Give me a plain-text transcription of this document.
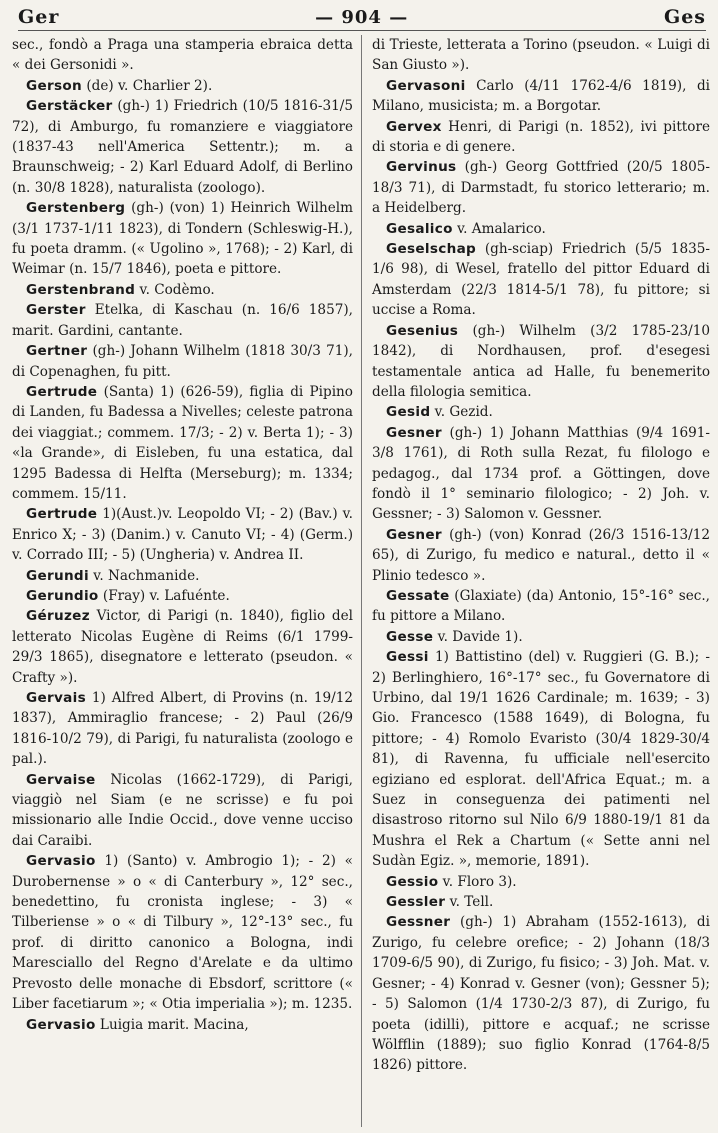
Ger	— 904 —	Ges

sec., fondò a Praga una stamperia ebraica detta « dei Gersonidi ».

Gerson (de) v. Charlier 2).

Gerstäcker (gh-) 1) Friedrich (10/5 1816-31/5 72), di Amburgo, fu romanziere e viaggiatore (1837-43 nell'America Settentr.); m. a Braunschweig; - 2) Karl Eduard Adolf, di Berlino (n. 30/8 1828), naturalista (zoologo).

Gerstenberg (gh-) (von) 1) Heinrich Wilhelm (3/1 1737-1/11 1823), di Tondern (Schleswig-H.), fu poeta dramm. (« Ugolino », 1768); - 2) Karl, di Weimar (n. 15/7 1846), poeta e pittore.

Gerstenbrand v. Codèmo.

Gerster Etelka, di Kaschau (n. 16/6 1857), marit. Gardini, cantante.

Gertner (gh-) Johann Wilhelm (1818 30/3 71), di Copenaghen, fu pitt.

Gertrude (Santa) 1) (626-59), figlia di Pipino di Landen, fu Badessa a Nivelles; celeste patrona dei viaggiat.; commem. 17/3; - 2) v. Berta 1); - 3) «la Grande», di Eisleben, fu una estatica, dal 1295 Badessa di Helfta (Merseburg); m. 1334; commem. 15/11.

Gertrude 1)(Aust.)v. Leopoldo VI; - 2) (Bav.) v. Enrico X; - 3) (Danim.) v. Canuto VI; - 4) (Germ.) v. Corrado III; - 5) (Ungheria) v. Andrea II.

Gerundi v. Nachmanide.

Gerundio (Fray) v. Lafuénte.

Géruzez Victor, di Parigi (n. 1840), figlio del letterato Nicolas Eugène di Reims (6/1 1799-29/3 1865), disegnatore e letterato (pseudon. « Crafty »).

Gervais 1) Alfred Albert, di Provins (n. 19/12 1837), Ammiraglio francese; - 2) Paul (26/9 1816-10/2 79), di Parigi, fu naturalista (zoologo e pal.).

Gervaise Nicolas (1662-1729), di Parigi, viaggiò nel Siam (e ne scrisse) e fu poi missionario alle Indie Occid., dove venne ucciso dai Caraibi.

Gervasio 1) (Santo) v. Ambrogio 1); - 2) « Durobernense » o « di Canterbury », 12° sec., benedettino, fu cronista inglese; - 3) « Tilberiense » o « di Tilbury », 12°-13° sec., fu prof. di diritto canonico a Bologna, indi Maresciallo del Regno d'Arelate e da ultimo Prevosto delle monache di Ebsdorf, scrittore (« Liber facetiarum »; « Otia imperialia »); m. 1235.

Gervasio Luigia marit. Macina,

di Trieste, letterata a Torino (pseudon. « Luigi di San Giusto »).

Gervasoni Carlo (4/11 1762-4/6 1819), di Milano, musicista; m. a Borgotar.

Gervex Henri, di Parigi (n. 1852), ivi pittore di storia e di genere.

Gervinus (gh-) Georg Gottfried (20/5 1805-18/3 71), di Darmstadt, fu storico letterario; m. a Heidelberg.

Gesalico v. Amalarico.

Geselschap (gh-sciap) Friedrich (5/5 1835-1/6 98), di Wesel, fratello del pittor Eduard di Amsterdam (22/3 1814-5/1 78), fu pittore; si uccise a Roma.

Gesenius (gh-) Wilhelm (3/2 1785-23/10 1842), di Nordhausen, prof. d'esegesi testamentale antica ad Halle, fu benemerito della filologia semitica.

Gesid v. Gezid.

Gesner (gh-) 1) Johann Matthias (9/4 1691-3/8 1761), di Roth sulla Rezat, fu filologo e pedagog., dal 1734 prof. a Göttingen, dove fondò il 1° seminario filologico; - 2) Joh. v. Gessner; - 3) Salomon v. Gessner.

Gesner (gh-) (von) Konrad (26/3 1516-13/12 65), di Zurigo, fu medico e natural., detto il « Plinio tedesco ».

Gessate (Glaxiate) (da) Antonio, 15°-16° sec., fu pittore a Milano.

Gesse v. Davide 1).

Gessi 1) Battistino (del) v. Ruggieri (G. B.); - 2) Berlinghiero, 16°-17° sec., fu Governatore di Urbino, dal 19/1 1626 Cardinale; m. 1639; - 3) Gio. Francesco (1588 1649), di Bologna, fu pittore; - 4) Romolo Evaristo (30/4 1829-30/4 81), di Ravenna, fu ufficiale nell'esercito egiziano ed esplorat. dell'Africa Equat.; m. a Suez in conseguenza dei patimenti nel disastroso ritorno sul Nilo 6/9 1880-19/1 81 da Mushra el Rek a Chartum (« Sette anni nel Sudàn Egiz. », memorie, 1891).

Gessio v. Floro 3).

Gessler v. Tell.

Gessner (gh-) 1) Abraham (1552-1613), di Zurigo, fu celebre orefice; - 2) Johann (18/3 1709-6/5 90), di Zurigo, fu fisico; - 3) Joh. Mat. v. Gesner; - 4) Konrad v. Gesner (von); Gessner 5); - 5) Salomon (1/4 1730-2/3 87), di Zurigo, fu poeta (idilli), pittore e acquaf.; ne scrisse Wölfflin (1889); suo figlio Konrad (1764-8/5 1826) pittore.
